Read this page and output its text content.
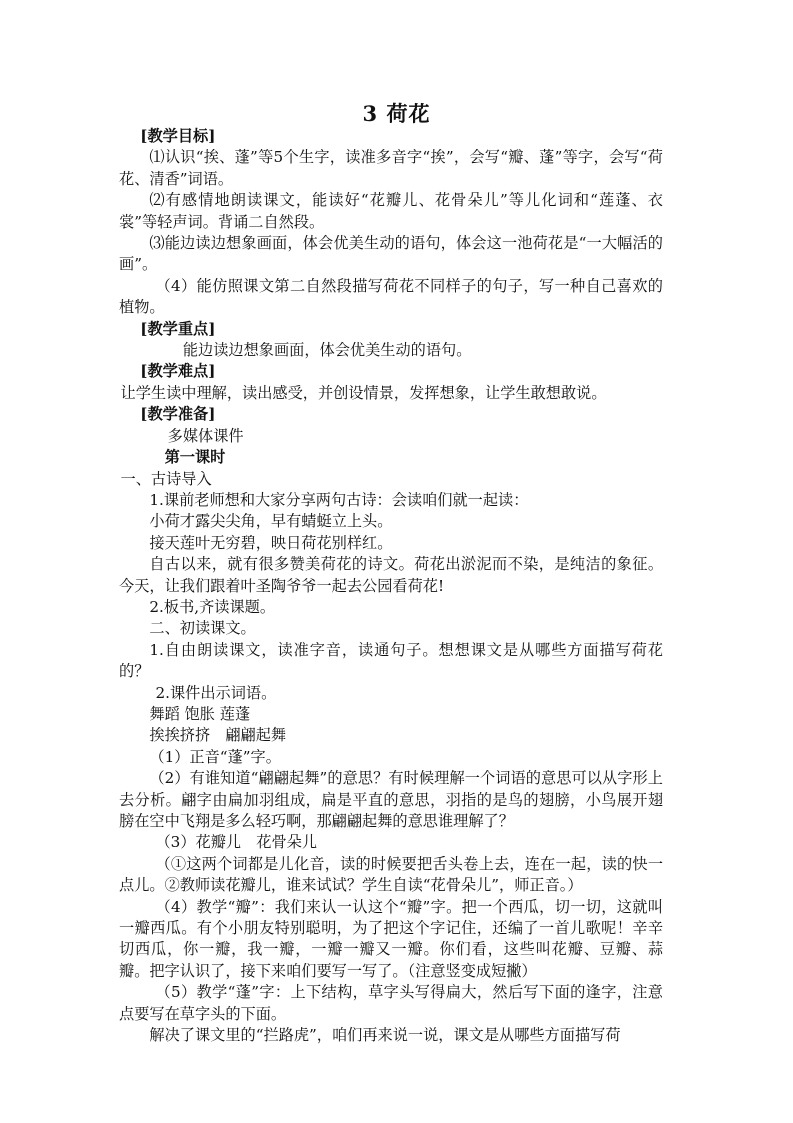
3 荷花

[教学目标]

⑴认识“挨、蓬”等5个生字，读准多音字“挨”，会写“瓣、蓬”等字，会写“荷花、清香”词语。

⑵有感情地朗读课文，能读好“花瓣儿、花骨朵儿”等儿化词和“莲蓬、衣裳”等轻声词。背诵二自然段。

⑶能边读边想象画面，体会优美生动的语句，体会这一池荷花是“一大幅活的画”。

（4）能仿照课文第二自然段描写荷花不同样子的句子，写一种自己喜欢的植物。

[教学重点]

能边读边想象画面，体会优美生动的语句。

[教学难点]

让学生读中理解，读出感受，并创设情景，发挥想象，让学生敢想敢说。

[教学准备]

多媒体课件

第一课时

一、古诗导入

1.课前老师想和大家分享两句古诗：会读咱们就一起读：

小荷才露尖尖角，早有蜻蜓立上头。

接天莲叶无穷碧，映日荷花别样红。

自古以来，就有很多赞美荷花的诗文。荷花出淤泥而不染，是纯洁的象征。今天，让我们跟着叶圣陶爷爷一起去公园看荷花!

2.板书,齐读课题。

二、初读课文。

1.自由朗读课文，读准字音，读通句子。想想课文是从哪些方面描写荷花的？

2.课件出示词语。

舞蹈 饱胀 莲蓬

挨挨挤挤　翩翩起舞

（1）正音“蓬”字。

（2）有谁知道“翩翩起舞”的意思？有时候理解一个词语的意思可以从字形上去分析。翩字由扁加羽组成，扁是平直的意思，羽指的是鸟的翅膀，小鸟展开翅膀在空中飞翔是多么轻巧啊，那翩翩起舞的意思谁理解了？

（3）花瓣儿　花骨朵儿

（①这两个词都是儿化音，读的时候要把舌头卷上去，连在一起，读的快一点儿。②教师读花瓣儿，谁来试试？学生自读“花骨朵儿”，师正音。）

（4）教学“瓣”：我们来认一认这个“瓣”字。把一个西瓜，切一切，这就叫一瓣西瓜。有个小朋友特别聪明，为了把这个字记住，还编了一首儿歌呢！辛辛切西瓜，你一瓣，我一瓣，一瓣一瓣又一瓣。你们看，这些叫花瓣、豆瓣、蒜瓣。把字认识了，接下来咱们要写一写了。（注意竖变成短撇）

（5）教学“蓬”字：上下结构，草字头写得扁大，然后写下面的逢字，注意点要写在草字头的下面。

解决了课文里的“拦路虎”，咱们再来说一说，课文是从哪些方面描写荷
